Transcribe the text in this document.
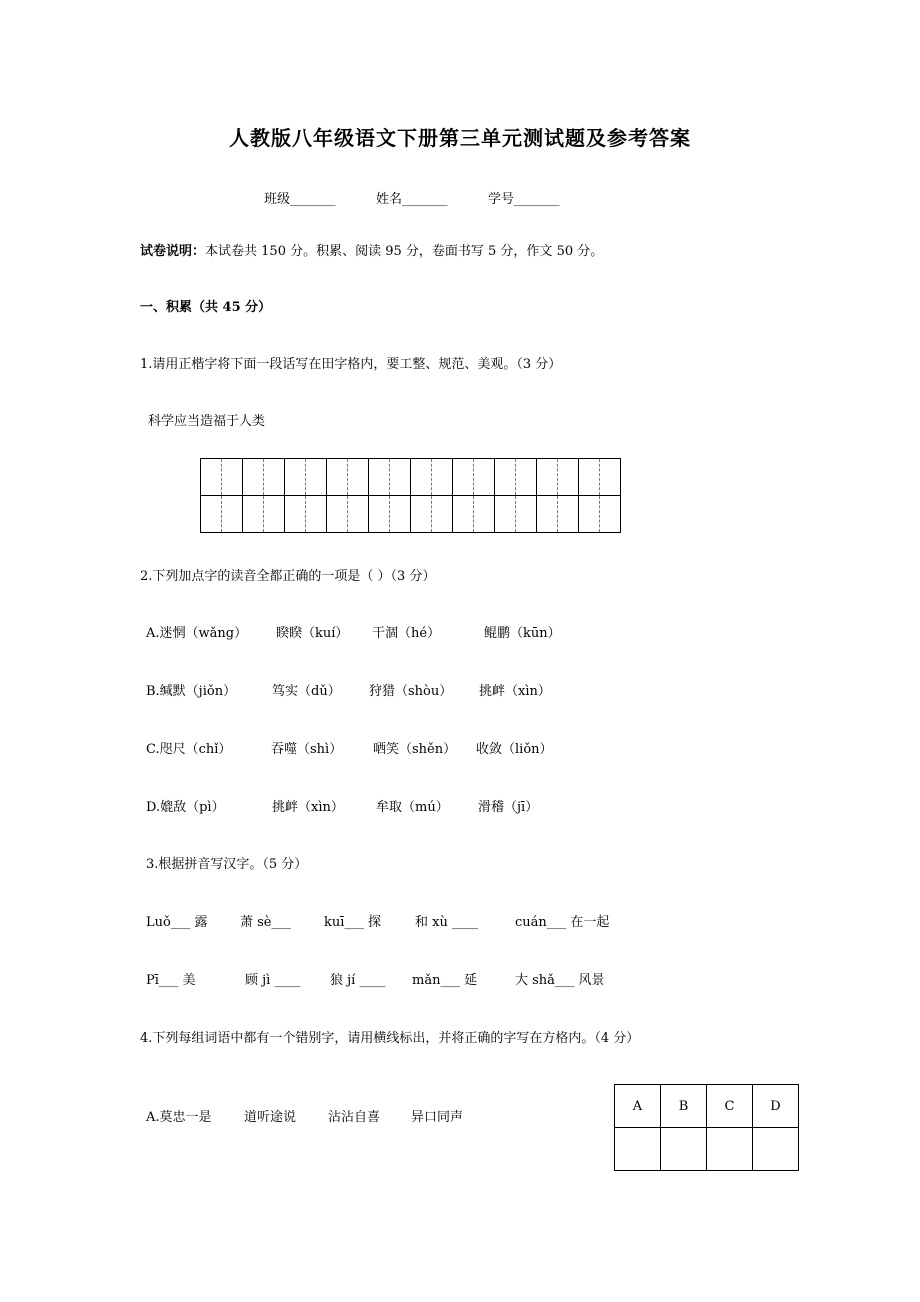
人教版八年级语文下册第三单元测试题及参考答案
班级_______	姓名_______	学号_______
试卷说明：本试卷共 150 分。积累、阅读 95 分，卷面书写 5 分，作文 50 分。
一、积累（共 45 分）
1.请用正楷字将下面一段话写在田字格内，要工整、规范、美观。（3 分）
科学应当造福于人类

2.下列加点字的读音全都正确的一项是（ ）（3 分）
A.迷惘（wǎng） 睽睽（kuí） 干涸（hé）	鲲鹏（kūn）
B.缄默（jiǒn）	笃实（dǔ） 狩猎（shòu） 挑衅（xìn）
C.咫尺（chǐ）	吞噬（shì） 哂笑（shěn） 收敛（liǒn）
D.媲敌（pì）	挑衅（xìn） 牟取（mú） 滑稽（jī）
3.根据拼音写汉字。（5 分）
Luǒ___ 露	萧 sè___	kuī___ 探	和 xù ____	cuán___ 在一起
Pī___ 美	顾 jì ____ 狼 jí ____ mǎn___ 延	大 shǎ___ 风景
4.下列每组词语中都有一个错别字，请用横线标出，并将正确的字写在方格内。（4 分）
A.莫忠一是 道听途说 沾沾自喜 异口同声
A	B	C	D
